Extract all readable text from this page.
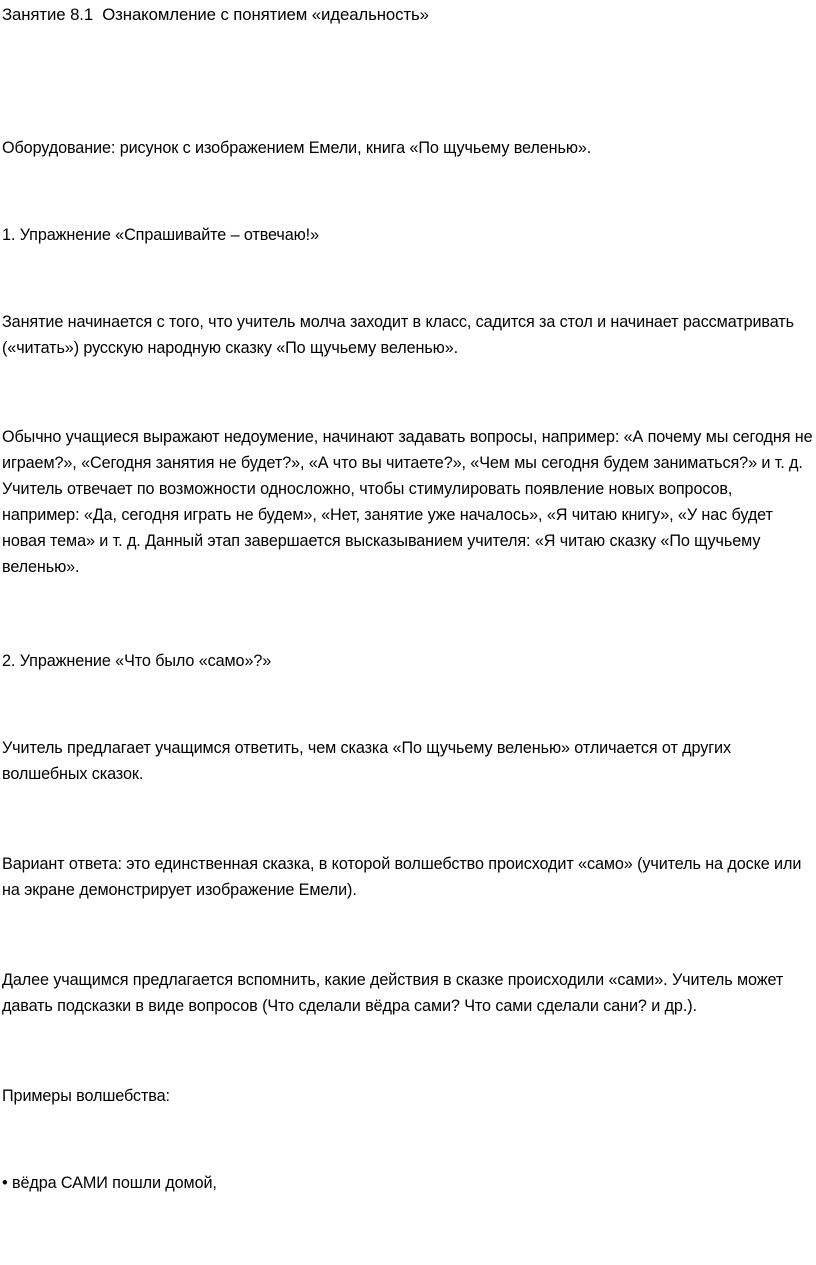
Занятие 8.1  Ознакомление с понятием «идеальность»

Оборудование: рисунок с изображением Емели, книга «По щучьему веленью».

1. Упражнение «Спрашивайте – отвечаю!»

Занятие начинается с того, что учитель молча заходит в класс, садится за стол и начинает рассматривать («читать») русскую народную сказку «По щучьему веленью».

Обычно учащиеся выражают недоумение, начинают задавать вопросы, например: «А почему мы сегодня не играем?», «Сегодня занятия не будет?», «А что вы читаете?», «Чем мы сегодня будем заниматься?» и т. д. Учитель отвечает по возможности односложно, чтобы стимулировать появление новых вопросов, например: «Да, сегодня играть не будем», «Нет, занятие уже началось», «Я читаю книгу», «У нас будет новая тема» и т. д. Данный этап завершается высказыванием учителя: «Я читаю сказку «По щучьему веленью».

2. Упражнение «Что было «само»?»

Учитель предлагает учащимся ответить, чем сказка «По щучьему веленью» отличается от других волшебных сказок.

Вариант ответа: это единственная сказка, в которой волшебство происходит «само» (учитель на доске или на экране демонстрирует изображение Емели).

Далее учащимся предлагается вспомнить, какие действия в сказке происходили «сами». Учитель может давать подсказки в виде вопросов (Что сделали вёдра сами? Что сами сделали сани? и др.).

Примеры волшебства:

• вёдра САМИ пошли домой,
